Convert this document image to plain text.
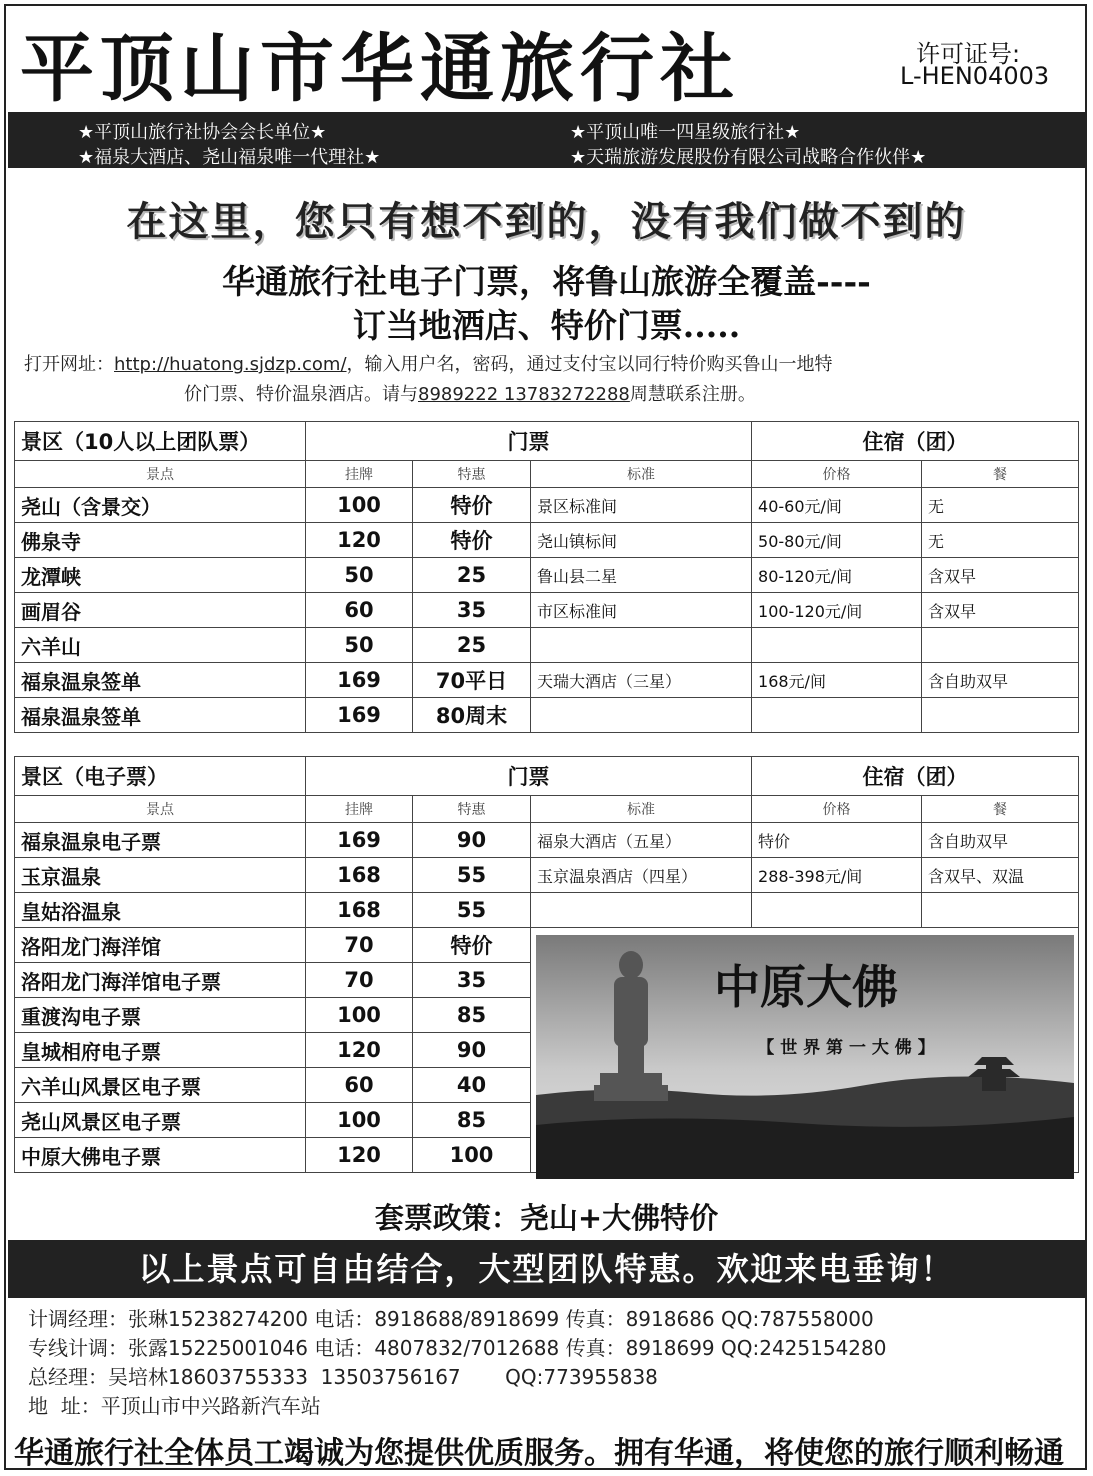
平顶山市华通旅行社	许可证号:
L-HEN04003
★平顶山旅行社协会会长单位★
★福泉大酒店、尧山福泉唯一代理社★
★平顶山唯一四星级旅行社★
★天瑞旅游发展股份有限公司战略合作伙伴★
在这里，您只有想不到的，没有我们做不到的
华通旅行社电子门票，将鲁山旅游全覆盖----
订当地酒店、特价门票.....
打开网址：http://huatong.sjdzp.com/，输入用户名，密码，通过支付宝以同行特价购买鲁山一地特
价门票、特价温泉酒店。请与8989222 13783272288周慧联系注册。
景区（10人以上团队票）	门票			住宿（团）	
景点	挂牌	特惠	标准	价格	餐
尧山（含景交）	100	特价	景区标准间	40-60元/间	无
佛泉寺	120	特价	尧山镇标间	50-80元/间	无
龙潭峡	50	25	鲁山县二星	80-120元/间	含双早
画眉谷	60	35	市区标准间	100-120元/间	含双早
六羊山	50	25			
福泉温泉签单	169	70平日	天瑞大酒店（三星）	168元/间	含自助双早
福泉温泉签单	169	80周末			
景区（电子票）	门票			住宿（团）	
景点	挂牌	特惠	标准	价格	餐
福泉温泉电子票	169	90	福泉大酒店（五星）	特价	含自助双早
玉京温泉	168	55	玉京温泉酒店（四星）	288-398元/间	含双早、双温
皇姑浴温泉	168	55			
洛阳龙门海洋馆	70	特价			
洛阳龙门海洋馆电子票	70	35			
重渡沟电子票	100	85			
皇城相府电子票	120	90			
六羊山风景区电子票	60	40			
尧山风景区电子票	100	85			
中原大佛电子票	120	100			
中原大佛
【 世 界 第 一 大 佛 】
套票政策：尧山+大佛特价
以上景点可自由结合，大型团队特惠。欢迎来电垂询！
计调经理：张琳15238274200 电话：8918688/8918699 传真：8918686 QQ:787558000
专线计调：张露15225001046 电话：4807832/7012688 传真：8918699 QQ:2425154280
总经理：吴培林18603755333  13503756167       QQ:773955838
地  址：平顶山市中兴路新汽车站
华通旅行社全体员工竭诚为您提供优质服务。拥有华通，将使您的旅行顺利畅通
